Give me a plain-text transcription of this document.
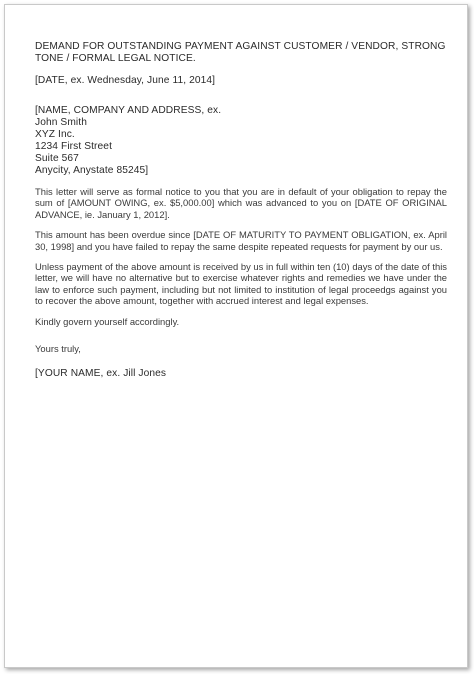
DEMAND FOR OUTSTANDING PAYMENT AGAINST CUSTOMER / VENDOR, STRONG TONE / FORMAL LEGAL NOTICE.

[DATE, ex. Wednesday, June 11, 2014]

[NAME, COMPANY AND ADDRESS, ex.

John Smith

XYZ Inc.

1234 First Street

Suite 567

Anycity, Anystate 85245]

This letter will serve as formal notice to you that you are in default of your obligation to repay the sum of [AMOUNT OWING, ex. $5,000.00] which was advanced to you on [DATE OF ORIGINAL ADVANCE, ie. January 1, 2012].

This amount has been overdue since [DATE OF MATURITY TO PAYMENT OBLIGATION, ex. April 30, 1998] and you have failed to repay the same despite repeated requests for payment by our us.

Unless payment of the above amount is received by us in full within ten (10) days of the date of this letter, we will have no alternative but to exercise whatever rights and remedies we have under the law to enforce such payment, including but not limited to institution of legal proceedgs against you to recover the above amount, together with accrued interest and legal expenses.

Kindly govern yourself accordingly.

Yours truly,

[YOUR NAME, ex. Jill Jones
